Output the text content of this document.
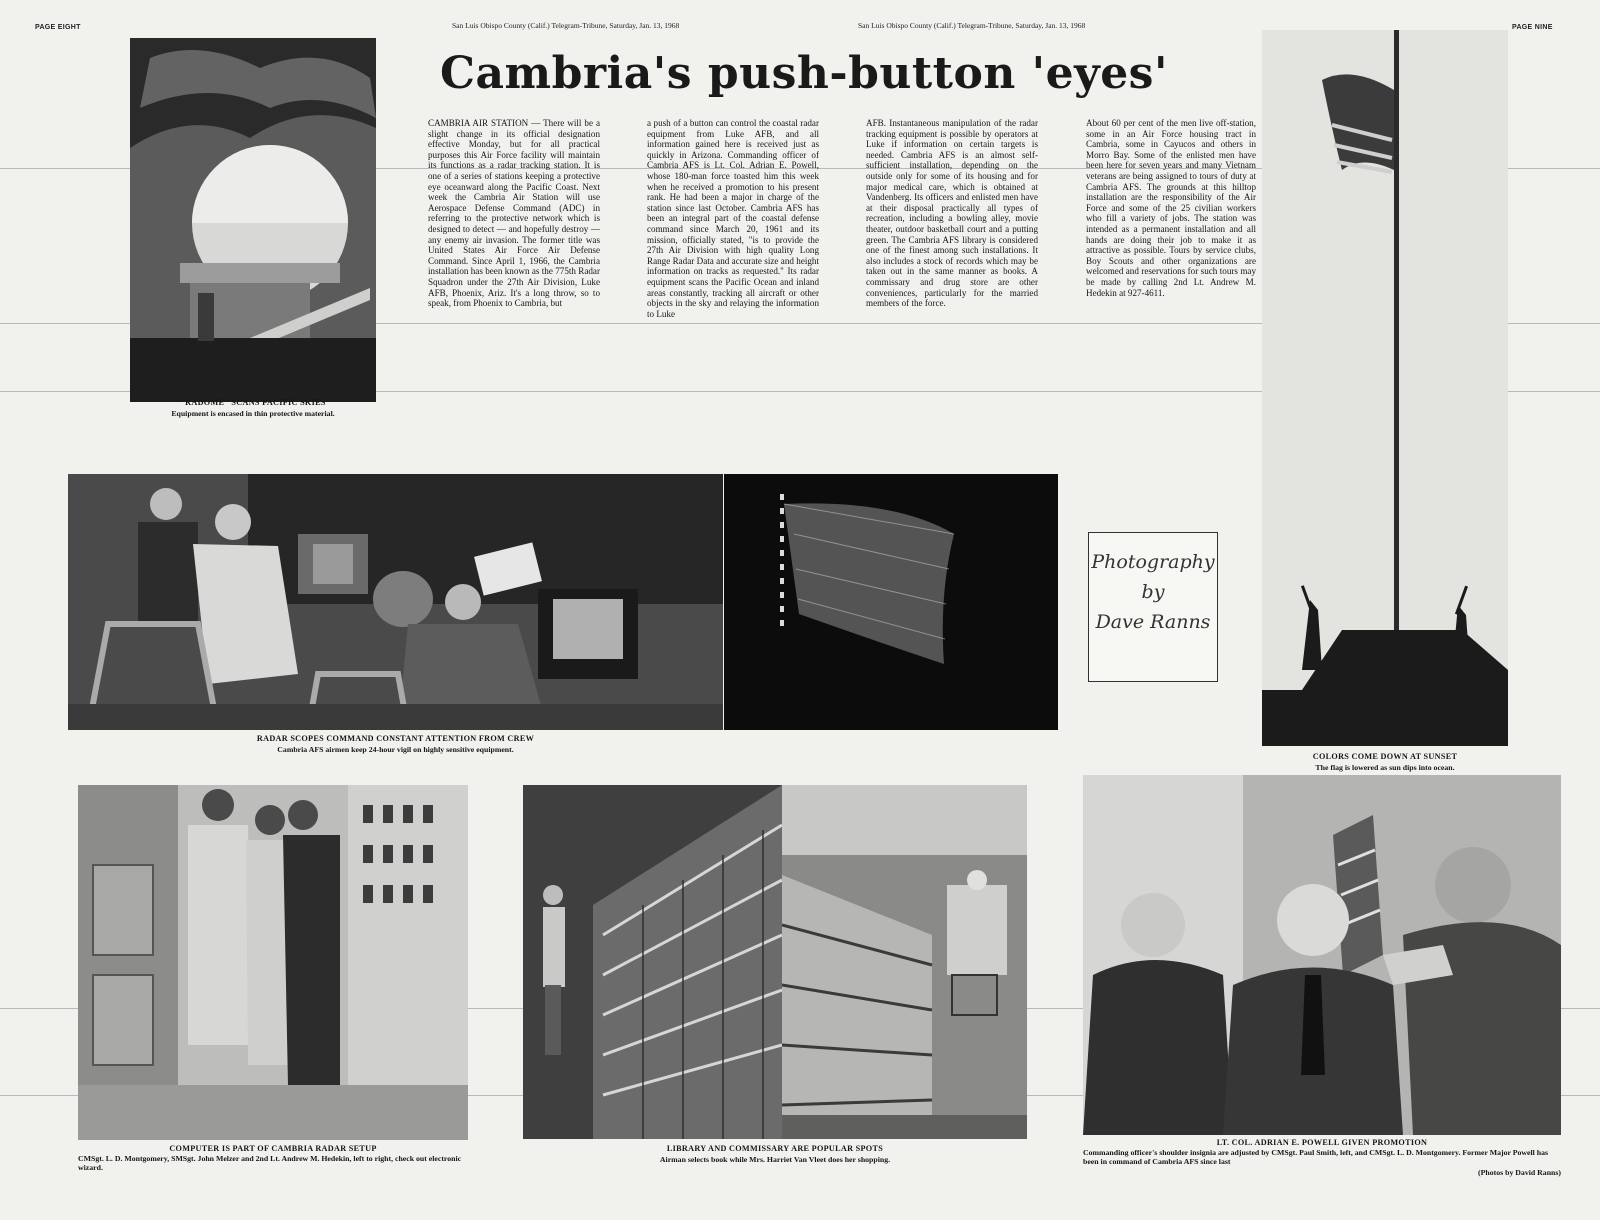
PAGE EIGHT	PAGE NINE
San Luis Obispo County (Calif.) Telegram-Tribune, Saturday, Jan. 13, 1968	San Luis Obispo County (Calif.) Telegram-Tribune, Saturday, Jan. 13, 1968
Cambria's push-button 'eyes'

CAMBRIA AIR STATION — There will be a slight change in its official designation effective Monday, but for all practical purposes this Air Force facility will maintain its functions as a radar tracking station. It is one of a series of stations keeping a protective eye oceanward along the Pacific Coast. Next week the Cambria Air Station will use Aerospace Defense Command (ADC) in referring to the protective network which is designed to detect — and hopefully destroy — any enemy air invasion. The former title was United States Air Force Air Defense Command. Since April 1, 1966, the Cambria installation has been known as the 775th Radar Squadron under the 27th Air Division, Luke AFB, Phoenix, Ariz. It's a long throw, so to speak, from Phoenix to Cambria, but

a push of a button can control the coastal radar equipment from Luke AFB, and all information gained here is received just as quickly in Arizona. Commanding officer of Cambria AFS is Lt. Col. Adrian E. Powell, whose 180-man force toasted him this week when he received a promotion to his present rank. He had been a major in charge of the station since last October. Cambria AFS has been an integral part of the coastal defense command since March 20, 1961 and its mission, officially stated, "is to provide the 27th Air Division with high quality Long Range Radar Data and accurate size and height information on tracks as requested." Its radar equipment scans the Pacific Ocean and inland areas constantly, tracking all aircraft or other objects in the sky and relaying the information to Luke

AFB. Instantaneous manipulation of the radar tracking equipment is possible by operators at Luke if information on certain targets is needed. Cambria AFS is an almost self-sufficient installation, depending on the outside only for some of its housing and for major medical care, which is obtained at Vandenberg. Its officers and enlisted men have at their disposal practically all types of recreation, including a bowling alley, movie theater, outdoor basketball court and a putting green. The Cambria AFS library is considered one of the finest among such installations. It also includes a stock of records which may be taken out in the same manner as books. A commissary and drug store are other conveniences, particularly for the married members of the force.

About 60 per cent of the men live off-station, some in an Air Force housing tract in Cambria, some in Cayucos and others in Morro Bay. Some of the enlisted men have been here for seven years and many Vietnam veterans are being assigned to tours of duty at Cambria AFS. The grounds at this hilltop installation are the responsibility of the Air Force and some of the 25 civilian workers who fill a variety of jobs. The station was intended as a permanent installation and all hands are doing their job to make it as attractive as possible. Tours by service clubs, Boy Scouts and other organizations are welcomed and reservations for such tours may be made by calling 2nd Lt. Andrew M. Hedekin at 927-4611.

"RADOME" SCANS PACIFIC SKIES
Equipment is encased in thin protective material.
RADAR SCOPES COMMAND CONSTANT ATTENTION FROM CREW
Cambria AFS airmen keep 24-hour vigil on highly sensitive equipment.
Photography
by
Dave Ranns
COLORS COME DOWN AT SUNSET
The flag is lowered as sun dips into ocean.
COMPUTER IS PART OF CAMBRIA RADAR SETUP
CMSgt. L. D. Montgomery, SMSgt. John Melzer and 2nd Lt. Andrew M. Hedekin, left to right, check out electronic wizard.
LIBRARY AND COMMISSARY ARE POPULAR SPOTS
Airman selects book while Mrs. Harriet Van Vleet does her shopping.
LT. COL. ADRIAN E. POWELL GIVEN PROMOTION
Commanding officer's shoulder insignia are adjusted by CMSgt. Paul Smith, left, and CMSgt. L. D. Montgomery. Former Major Powell has been in command of Cambria AFS since last
(Photos by David Ranns)
